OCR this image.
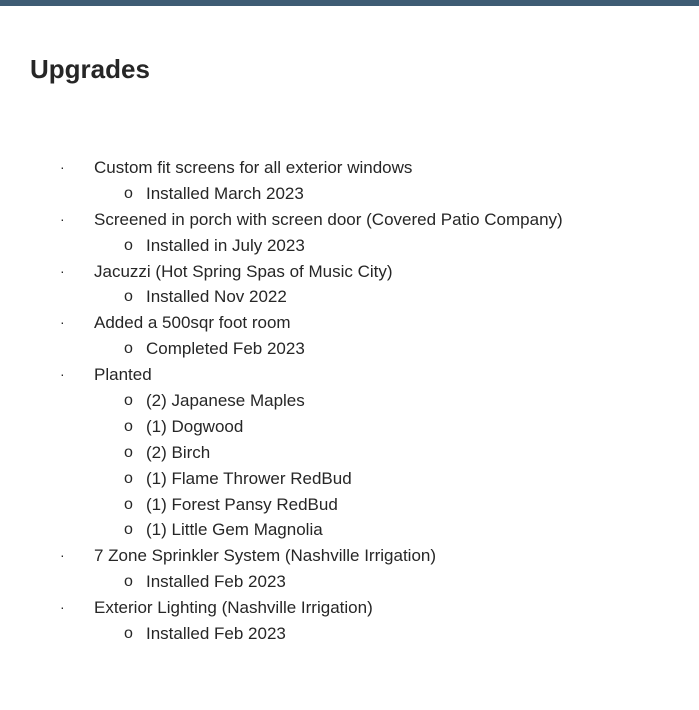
Upgrades
· Custom fit screens for all exterior windows
o Installed March 2023
· Screened in porch with screen door (Covered Patio Company)
o Installed in July 2023
· Jacuzzi (Hot Spring Spas of Music City)
o Installed Nov 2022
· Added a 500sqr foot room
o Completed Feb 2023
· Planted
o (2) Japanese Maples
o (1) Dogwood
o (2) Birch
o (1) Flame Thrower RedBud
o (1) Forest Pansy RedBud
o (1) Little Gem Magnolia
· 7 Zone Sprinkler System (Nashville Irrigation)
o Installed Feb 2023
· Exterior Lighting (Nashville Irrigation)
o Installed Feb 2023
